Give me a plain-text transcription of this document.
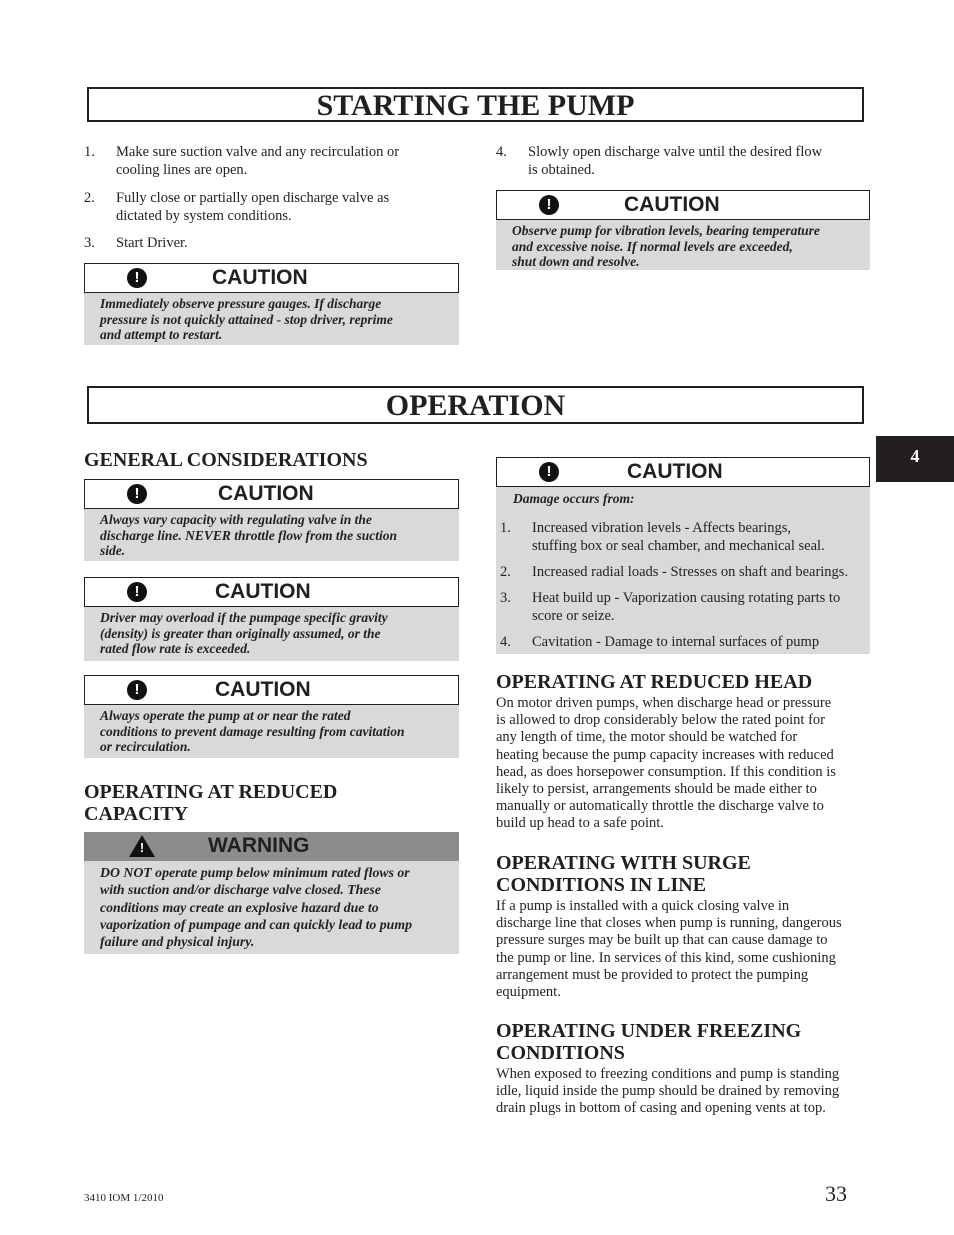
STARTING THE PUMP
1. Make sure suction valve and any recirculation or
cooling lines are open.
2. Fully close or partially open discharge valve as
dictated by system conditions.
3. Start Driver.
!	CAUTION
Immediately observe pressure gauges. If discharge
pressure is not quickly attained - stop driver, reprime
and attempt to restart.
4. Slowly open discharge valve until the desired flow
is obtained.
!	CAUTION
Observe pump for vibration levels, bearing temperature
and excessive noise. If normal levels are exceeded,
shut down and resolve.
OPERATION
4
GENERAL CONSIDERATIONS
!	CAUTION
Always vary capacity with regulating valve in the
discharge line. NEVER throttle flow from the suction
side.
!	CAUTION
Driver may overload if the pumpage specific gravity
(density) is greater than originally assumed, or the
rated flow rate is exceeded.
!	CAUTION
Always operate the pump at or near the rated
conditions to prevent damage resulting from cavitation
or recirculation.
OPERATING AT REDUCED
CAPACITY
!	WARNING
DO NOT operate pump below minimum rated flows or
with suction and/or discharge valve closed. These
conditions may create an explosive hazard due to
vaporization of pumpage and can quickly lead to pump
failure and physical injury.
!	CAUTION
Damage occurs from:
1. Increased vibration levels - Affects bearings,
stuffing box or seal chamber, and mechanical seal.
2. Increased radial loads - Stresses on shaft and bearings.
3. Heat build up - Vaporization causing rotating parts to
score or seize.
4. Cavitation - Damage to internal surfaces of pump
OPERATING AT REDUCED HEAD
On motor driven pumps, when discharge head or pressure
is allowed to drop considerably below the rated point for
any length of time, the motor should be watched for
heating because the pump capacity increases with reduced
head, as does horsepower consumption. If this condition is
likely to persist, arrangements should be made either to
manually or automatically throttle the discharge valve to
build up head to a safe point.
OPERATING WITH SURGE
CONDITIONS IN LINE
If a pump is installed with a quick closing valve in
discharge line that closes when pump is running, dangerous
pressure surges may be built up that can cause damage to
the pump or line. In services of this kind, some cushioning
arrangement must be provided to protect the pumping
equipment.
OPERATING UNDER FREEZING
CONDITIONS
When exposed to freezing conditions and pump is standing
idle, liquid inside the pump should be drained by removing
drain plugs in bottom of casing and opening vents at top.
3410 IOM 1/2010	33
